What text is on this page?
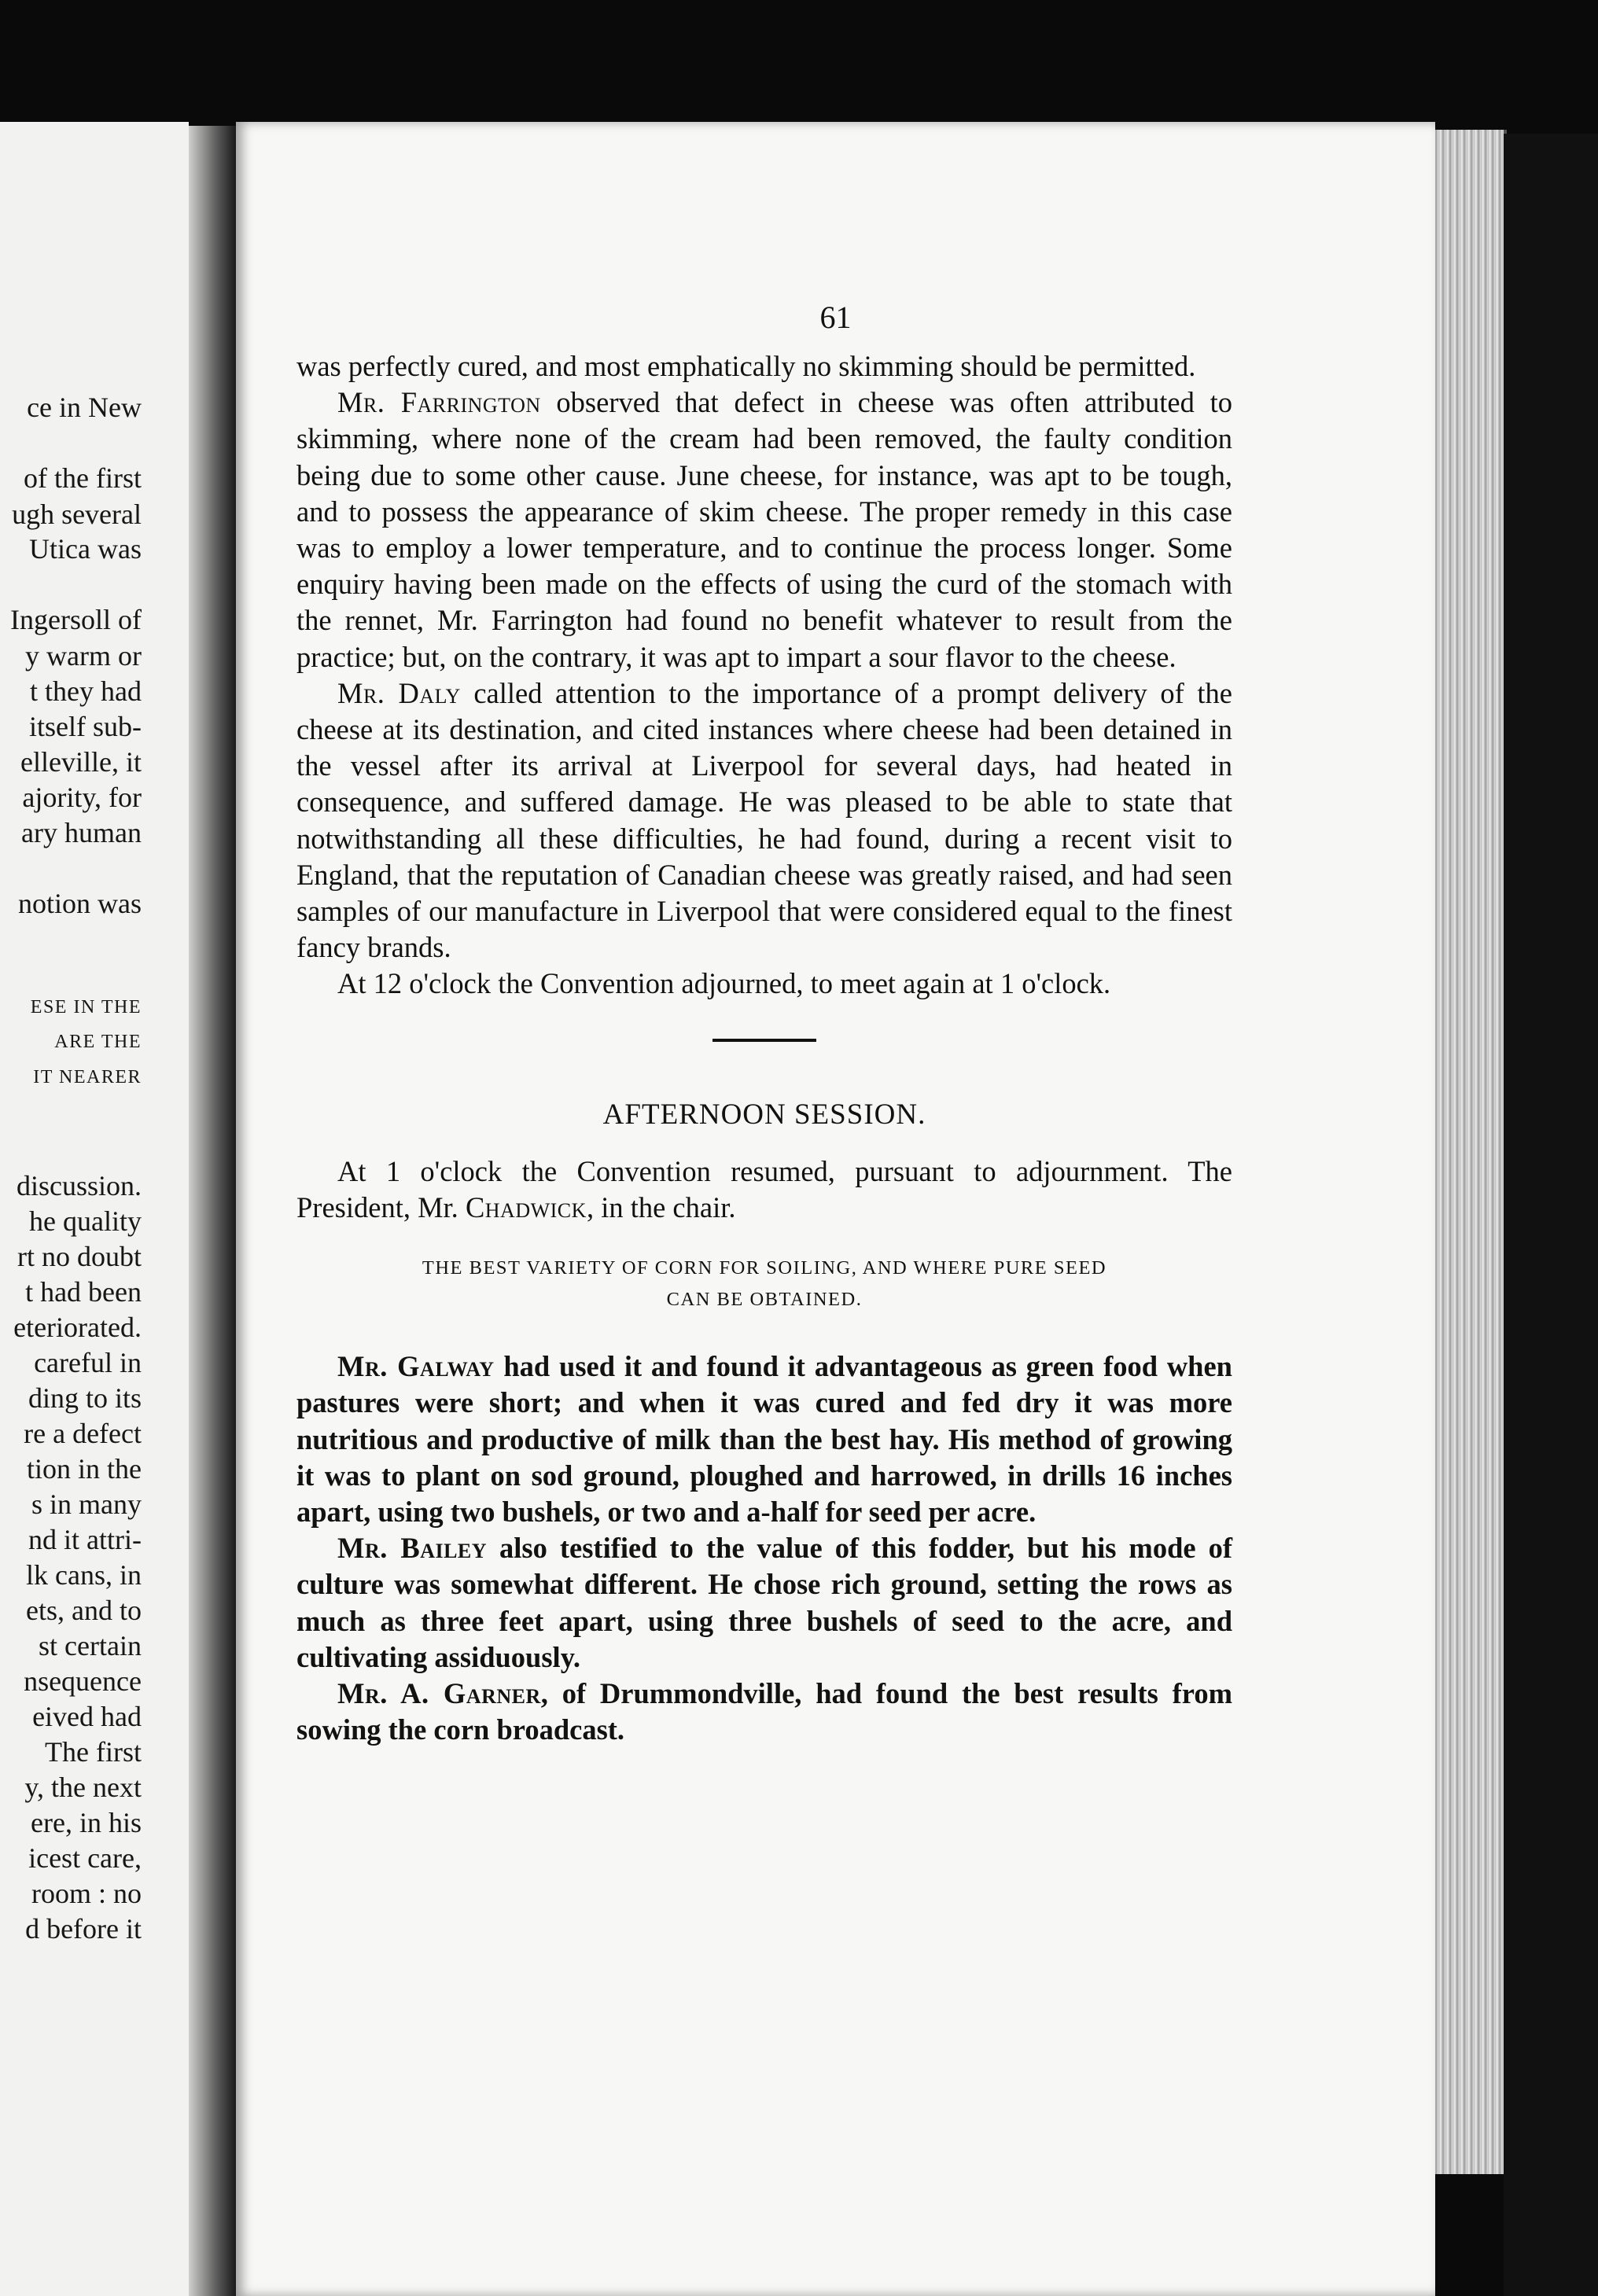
ce in New
of the first
ugh several
Utica was
Ingersoll of
y warm or
t they had
itself sub-
elleville, it
ajority, for
ary human
notion was
ESE IN THE
ARE THE
IT NEARER
discussion.
he quality
rt no doubt
t had been
eteriorated.
careful in
ding to its
re a defect
tion in the
s in many
nd it attri-
lk cans, in
ets, and to
st certain
nsequence
eived had
The first
y, the next
ere, in his
icest care,
room : no
d before it
61

was perfectly cured, and most emphatically no skimming should be permitted.

Mr. Farrington observed that defect in cheese was often attributed to skimming, where none of the cream had been removed, the faulty condition being due to some other cause. June cheese, for instance, was apt to be tough, and to possess the appearance of skim cheese. The proper remedy in this case was to employ a lower temperature, and to continue the process longer. Some enquiry having been made on the effects of using the curd of the stomach with the rennet, Mr. Farrington had found no benefit whatever to result from the practice; but, on the contrary, it was apt to impart a sour flavor to the cheese.

Mr. Daly called attention to the importance of a prompt delivery of the cheese at its destination, and cited instances where cheese had been detained in the vessel after its arrival at Liverpool for several days, had heated in consequence, and suffered damage. He was pleased to be able to state that notwithstanding all these difficulties, he had found, during a recent visit to England, that the reputation of Canadian cheese was greatly raised, and had seen samples of our manufacture in Liverpool that were considered equal to the finest fancy brands.

At 12 o'clock the Convention adjourned, to meet again at 1 o'clock.

AFTERNOON SESSION.

At 1 o'clock the Convention resumed, pursuant to adjournment. The President, Mr. Chadwick, in the chair.

THE BEST VARIETY OF CORN FOR SOILING, AND WHERE PURE SEED
CAN BE OBTAINED.

Mr. Galway had used it and found it advantageous as green food when pastures were short; and when it was cured and fed dry it was more nutritious and productive of milk than the best hay. His method of growing it was to plant on sod ground, ploughed and harrowed, in drills 16 inches apart, using two bushels, or two and a-half for seed per acre.

Mr. Bailey also testified to the value of this fodder, but his mode of culture was somewhat different. He chose rich ground, setting the rows as much as three feet apart, using three bushels of seed to the acre, and cultivating assiduously.

Mr. A. Garner, of Drummondville, had found the best results from sowing the corn broadcast.
